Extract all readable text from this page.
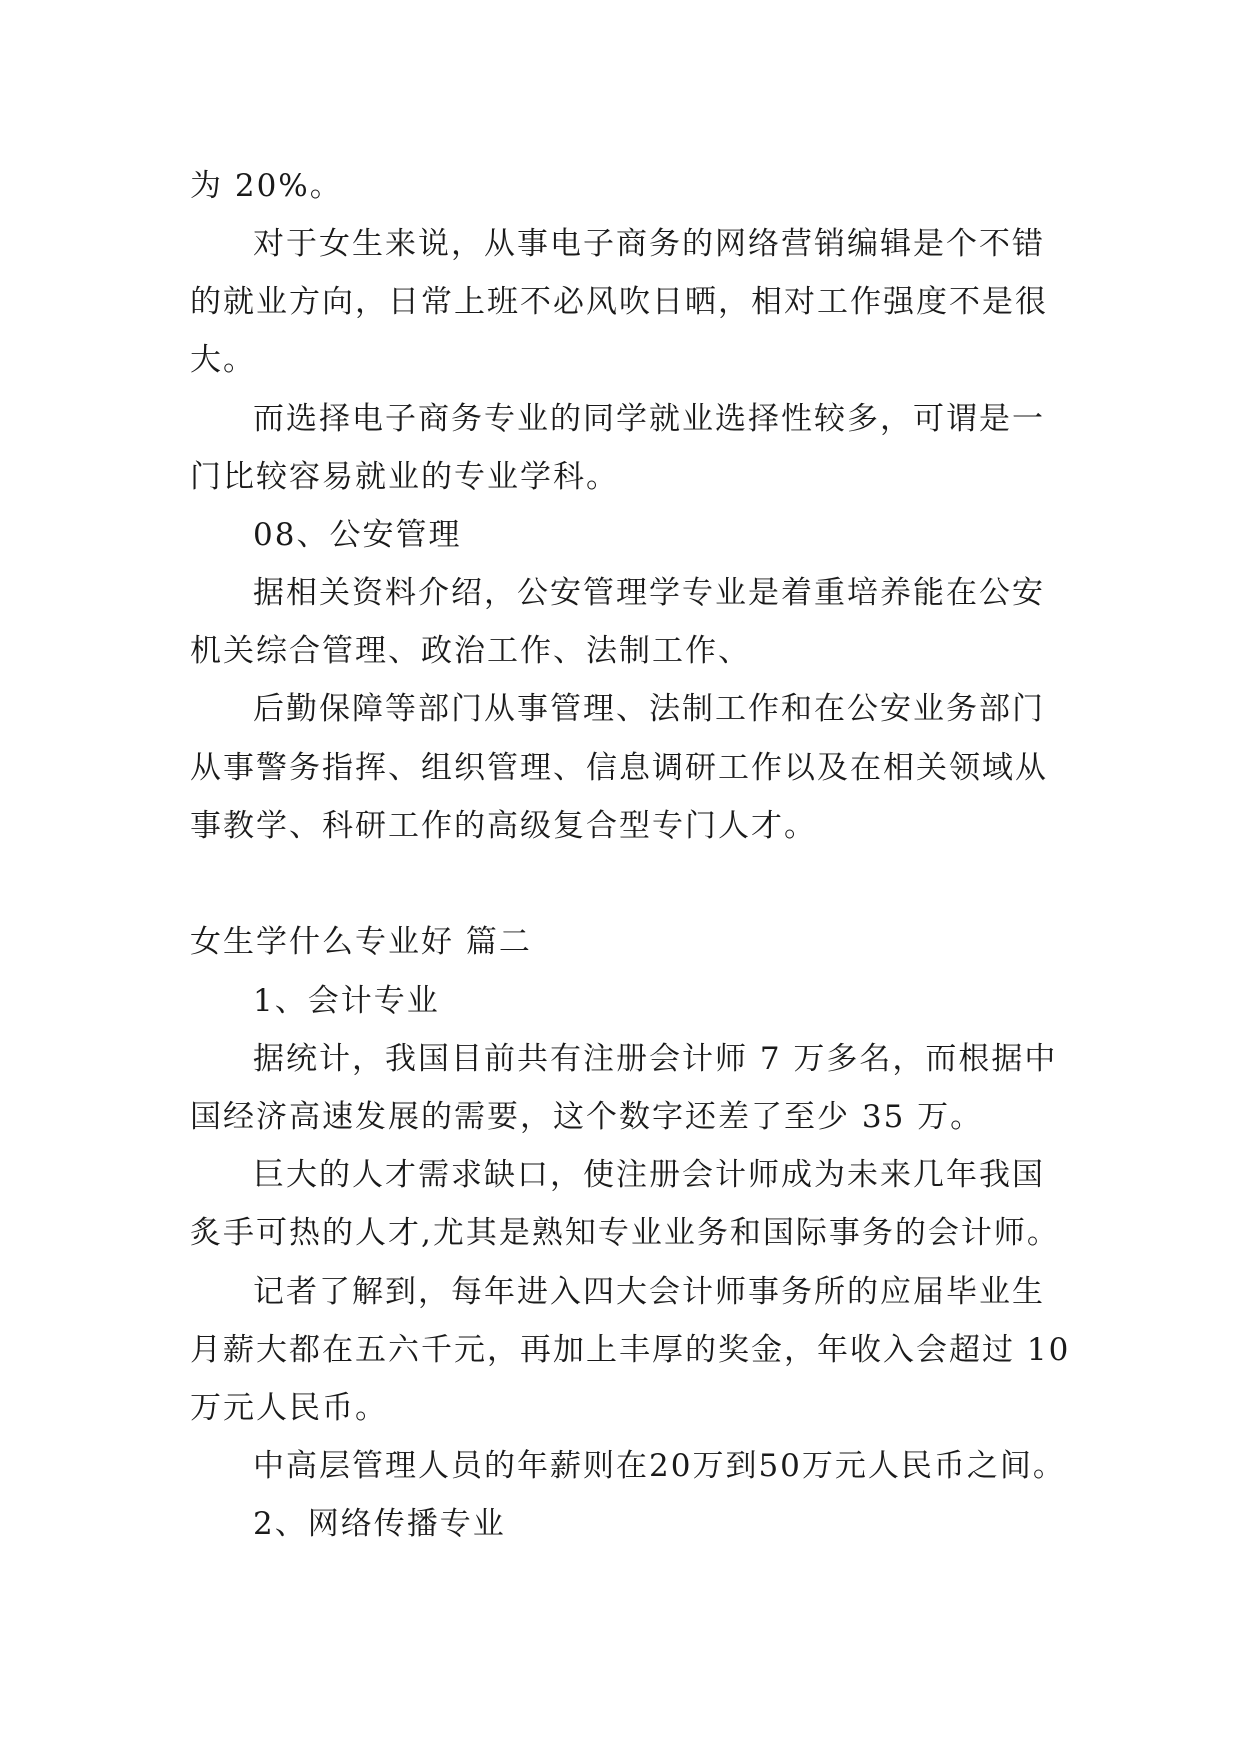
为 20%。
对于女生来说，从事电子商务的网络营销编辑是个不错
的就业方向，日常上班不必风吹日晒，相对工作强度不是很
大。
而选择电子商务专业的同学就业选择性较多，可谓是一
门比较容易就业的专业学科。
08、公安管理
据相关资料介绍，公安管理学专业是着重培养能在公安
机关综合管理、政治工作、法制工作、
后勤保障等部门从事管理、法制工作和在公安业务部门
从事警务指挥、组织管理、信息调研工作以及在相关领域从
事教学、科研工作的高级复合型专门人才。
女生学什么专业好 篇二
1、会计专业
据统计，我国目前共有注册会计师 7 万多名，而根据中
国经济高速发展的需要，这个数字还差了至少 35 万。
巨大的人才需求缺口，使注册会计师成为未来几年我国
炙手可热的人才,尤其是熟知专业业务和国际事务的会计师。
记者了解到，每年进入四大会计师事务所的应届毕业生
月薪大都在五六千元，再加上丰厚的奖金，年收入会超过 10
万元人民币。
中高层管理人员的年薪则在20万到50万元人民币之间。
2、网络传播专业
